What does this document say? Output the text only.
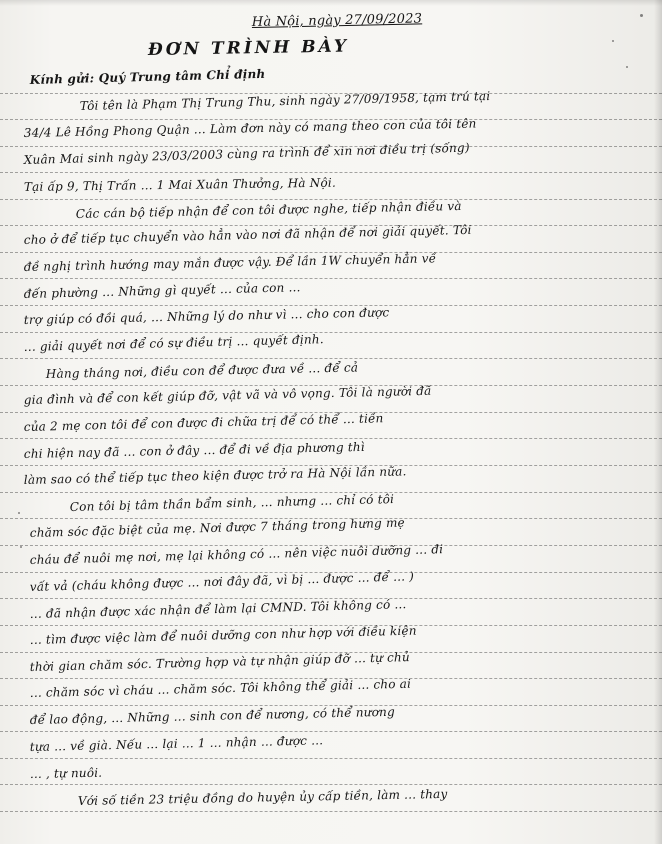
Hà Nội, ngày 27/09/2023
ĐƠN TRÌNH BÀY
Kính gửi: Quý Trung tâm Chỉ định
Tôi tên là Phạm Thị Trung Thu, sinh ngày 27/09/1958, tạm trú tại
34/4 Lê Hồng Phong Quận ... Làm đơn này có mang theo con của tôi tên
Xuân Mai sinh ngày 23/03/2003 cùng ra trình để xin nơi điều trị (sống)
Tại ấp 9, Thị Trấn ... 1 Mai Xuân Thưởng, Hà Nội.
Các cán bộ tiếp nhận để con tôi được nghe, tiếp nhận điều và
cho ở để tiếp tục chuyển vào hẳn vào nơi đã nhận để nơi giải quyết. Tôi
đề nghị trình hướng may mắn được vậy. Để lần 1W chuyển hẳn về
đến phường ... Những gì quyết ... của con ...
trợ giúp có đồi quá, ... Những lý do như vì ... cho con được
... giải quyết nơi để có sự điều trị ... quyết định.
Hàng tháng nơi, điều con để được đưa về ... để cả
gia đình và để con kết giúp đỡ, vật vã và vô vọng. Tôi là người đã
của 2 mẹ con tôi để con được đi chữa trị để có thể ... tiền
chi hiện nay đã ... con ở đây ... để đi về địa phương thì
làm sao có thể tiếp tục theo kiện được trở ra Hà Nội lần nữa.
Con tôi bị tâm thần bẩm sinh, ... nhưng ... chỉ có tôi
chăm sóc đặc biệt của mẹ. Nơi được 7 tháng trong hưng mẹ
cháu để nuôi mẹ nơi, mẹ lại không có ... nên việc nuôi dưỡng ... đi
vất vả (cháu không được ... nơi đây đã, vì bị ... được ... để ... )
... đã nhận được xác nhận để làm lại CMND. Tôi không có ...
... tìm được việc làm để nuôi dưỡng con như hợp với điều kiện
thời gian chăm sóc. Trường hợp và tự nhận giúp đỡ ... tự chủ
... chăm sóc vì cháu ... chăm sóc. Tôi không thể giải ... cho ai
để lao động, ... Những ... sinh con để nương, có thể nương
tựa ... về già. Nếu ... lại ... 1 ... nhận ... được ...
... , tự nuôi.
Với số tiền 23 triệu đồng do huyện ủy cấp tiền, làm ... thay
